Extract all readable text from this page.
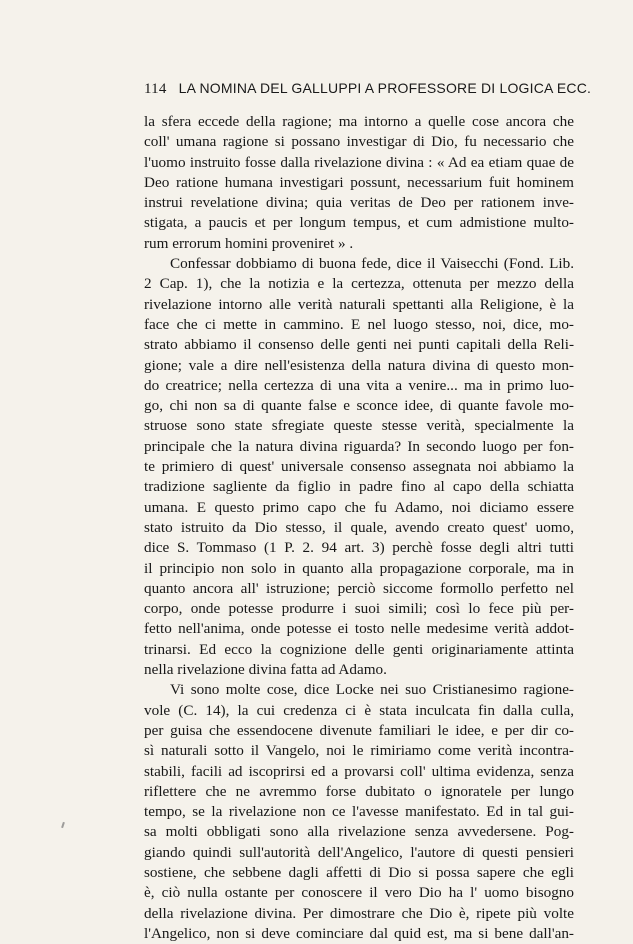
114 LA NOMINA DEL GALLUPPI A PROFESSORE DI LOGICA ECC.
la sfera eccede della ragione; ma intorno a quelle cose ancora che
coll' umana ragione si possano investigar di Dio, fu necessario che
l'uomo instruito fosse dalla rivelazione divina : « Ad ea etiam quae de
Deo ratione humana investigari possunt, necessarium fuit hominem
instrui revelatione divina; quia veritas de Deo per rationem inve-
stigata, a paucis et per longum tempus, et cum admistione multo-
rum errorum homini proveniret » .
Confessar dobbiamo di buona fede, dice il Vaisecchi (Fond. Lib.
2 Cap. 1), che la notizia e la certezza, ottenuta per mezzo della
rivelazione intorno alle verità naturali spettanti alla Religione, è la
face che ci mette in cammino. E nel luogo stesso, noi, dice, mo-
strato abbiamo il consenso delle genti nei punti capitali della Reli-
gione; vale a dire nell'esistenza della natura divina di questo mon-
do creatrice; nella certezza di una vita a venire... ma in primo luo-
go, chi non sa di quante false e sconce idee, di quante favole mo-
struose sono state sfregiate queste stesse verità, specialmente la
principale che la natura divina riguarda? In secondo luogo per fon-
te primiero di quest' universale consenso assegnata noi abbiamo la
tradizione sagliente da figlio in padre fino al capo della schiatta
umana. E questo primo capo che fu Adamo, noi diciamo essere
stato istruito da Dio stesso, il quale, avendo creato quest' uomo,
dice S. Tommaso (1 P. 2. 94 art. 3) perchè fosse degli altri tutti
il principio non solo in quanto alla propagazione corporale, ma in
quanto ancora all' istruzione; perciò siccome formollo perfetto nel
corpo, onde potesse produrre i suoi simili; così lo fece più per-
fetto nell'anima, onde potesse ei tosto nelle medesime verità addot-
trinarsi. Ed ecco la cognizione delle genti originariamente attinta
nella rivelazione divina fatta ad Adamo.
Vi sono molte cose, dice Locke nei suo Cristianesimo ragione-
vole (C. 14), la cui credenza ci è stata inculcata fin dalla culla,
per guisa che essendocene divenute familiari le idee, e per dir co-
sì naturali sotto il Vangelo, noi le rimiriamo come verità incontra-
stabili, facili ad iscoprirsi ed a provarsi coll' ultima evidenza, senza
riflettere che ne avremmo forse dubitato o ignoratele per lungo
tempo, se la rivelazione non ce l'avesse manifestato. Ed in tal gui-
sa molti obbligati sono alla rivelazione senza avvedersene. Pog-
giando quindi sull'autorità dell'Angelico, l'autore di questi pensieri
sostiene, che sebbene dagli affetti di Dio si possa sapere che egli
è, ciò nulla ostante per conoscere il vero Dio ha l' uomo bisogno
della rivelazione divina. Per dimostrare che Dio è, ripete più volte
l'Angelico, non si deve cominciare dal quid est, ma si bene dall'an-
